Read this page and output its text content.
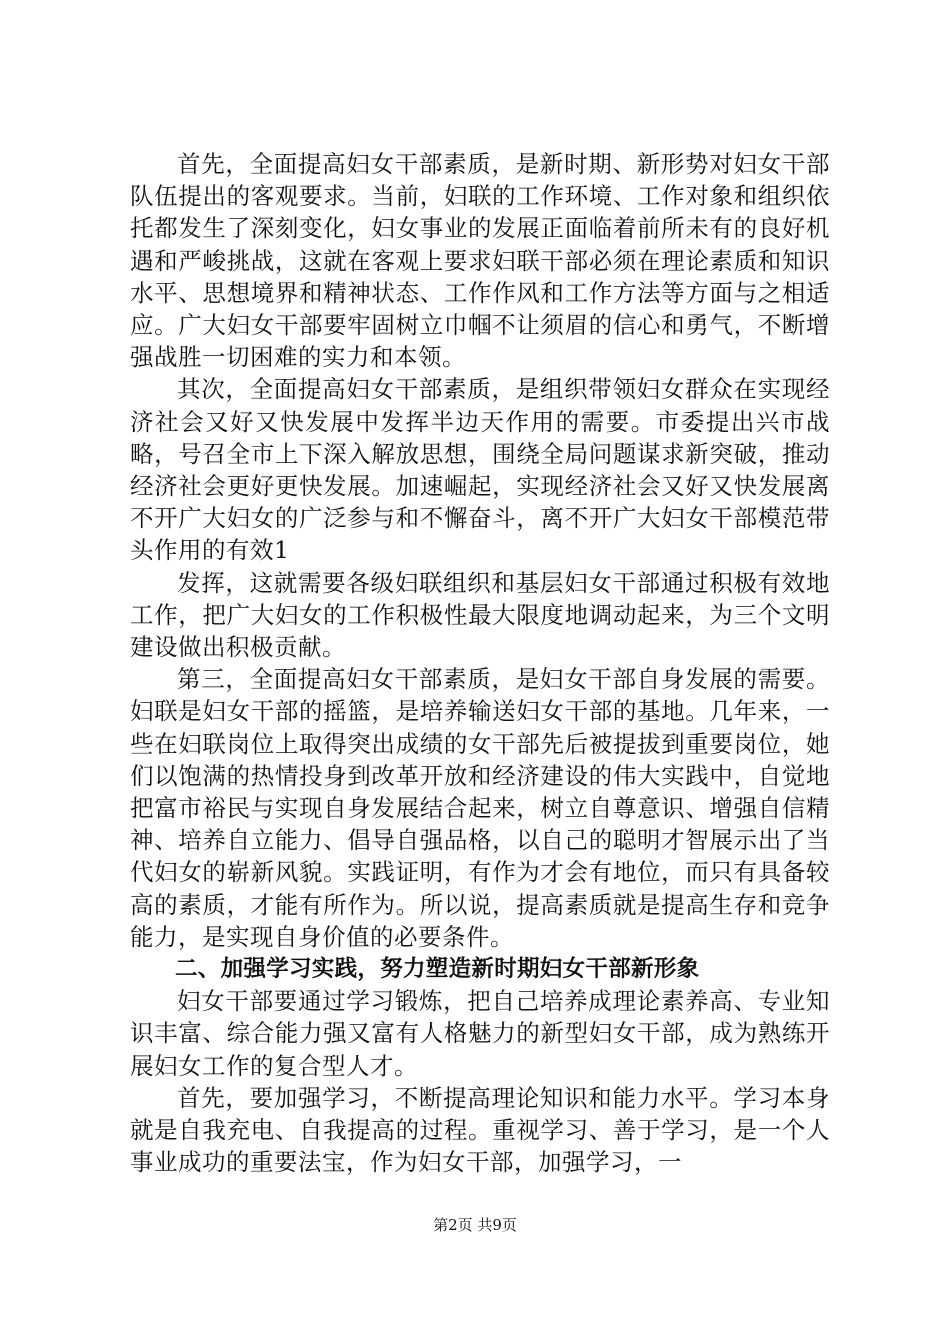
首先，全面提高妇女干部素质，是新时期、新形势对妇女干部队伍提出的客观要求。当前，妇联的工作环境、工作对象和组织依托都发生了深刻变化，妇女事业的发展正面临着前所未有的良好机遇和严峻挑战，这就在客观上要求妇联干部必须在理论素质和知识水平、思想境界和精神状态、工作作风和工作方法等方面与之相适应。广大妇女干部要牢固树立巾帼不让须眉的信心和勇气，不断增强战胜一切困难的实力和本领。

其次，全面提高妇女干部素质，是组织带领妇女群众在实现经济社会又好又快发展中发挥半边天作用的需要。市委提出兴市战略，号召全市上下深入解放思想，围绕全局问题谋求新突破，推动经济社会更好更快发展。加速崛起，实现经济社会又好又快发展离不开广大妇女的广泛参与和不懈奋斗，离不开广大妇女干部模范带头作用的有效1

发挥，这就需要各级妇联组织和基层妇女干部通过积极有效地工作，把广大妇女的工作积极性最大限度地调动起来，为三个文明建设做出积极贡献。

第三，全面提高妇女干部素质，是妇女干部自身发展的需要。妇联是妇女干部的摇篮，是培养输送妇女干部的基地。几年来，一些在妇联岗位上取得突出成绩的女干部先后被提拔到重要岗位，她们以饱满的热情投身到改革开放和经济建设的伟大实践中，自觉地把富市裕民与实现自身发展结合起来，树立自尊意识、增强自信精神、培养自立能力、倡导自强品格，以自己的聪明才智展示出了当代妇女的崭新风貌。实践证明，有作为才会有地位，而只有具备较高的素质，才能有所作为。所以说，提高素质就是提高生存和竞争能力，是实现自身价值的必要条件。

二、加强学习实践，努力塑造新时期妇女干部新形象

妇女干部要通过学习锻炼，把自己培养成理论素养高、专业知识丰富、综合能力强又富有人格魅力的新型妇女干部，成为熟练开展妇女工作的复合型人才。

首先，要加强学习，不断提高理论知识和能力水平。学习本身就是自我充电、自我提高的过程。重视学习、善于学习，是一个人事业成功的重要法宝，作为妇女干部，加强学习，一

第2页 共9页
